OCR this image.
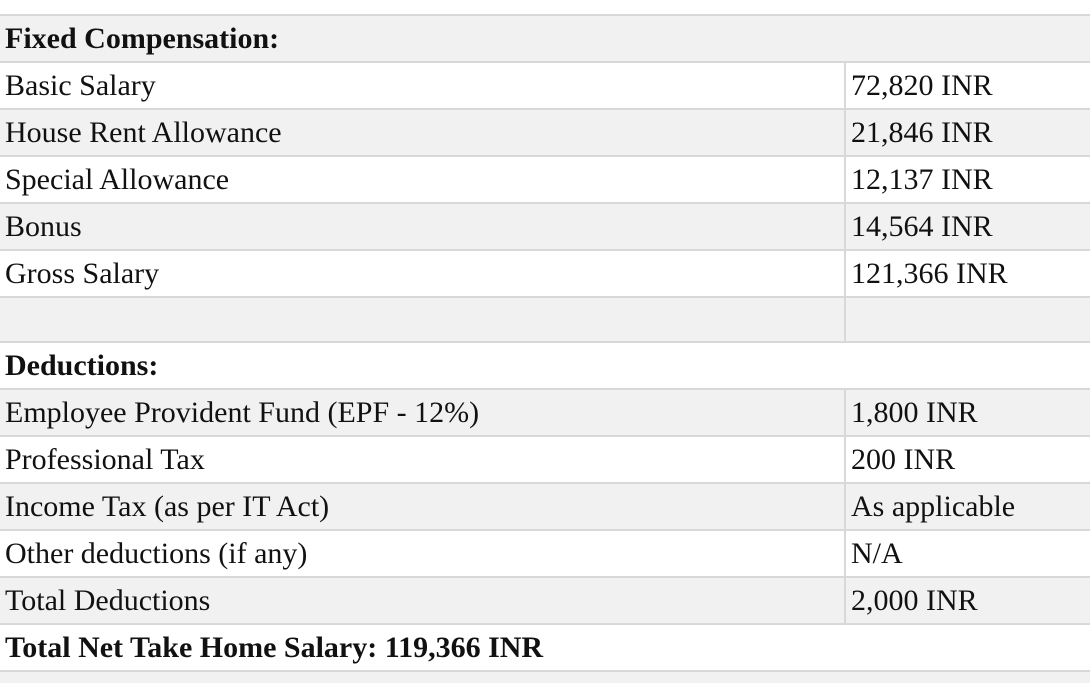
Fixed Compensation:	
Basic Salary	72,820 INR
House Rent Allowance	21,846 INR
Special Allowance	12,137 INR
Bonus	14,564 INR
Gross Salary	121,366 INR

Deductions:	
Employee Provident Fund (EPF - 12%)	1,800 INR
Professional Tax	200 INR
Income Tax (as per IT Act)	As applicable
Other deductions (if any)	N/A
Total Deductions	2,000 INR
Total Net Take Home Salary: 119,366 INR	
